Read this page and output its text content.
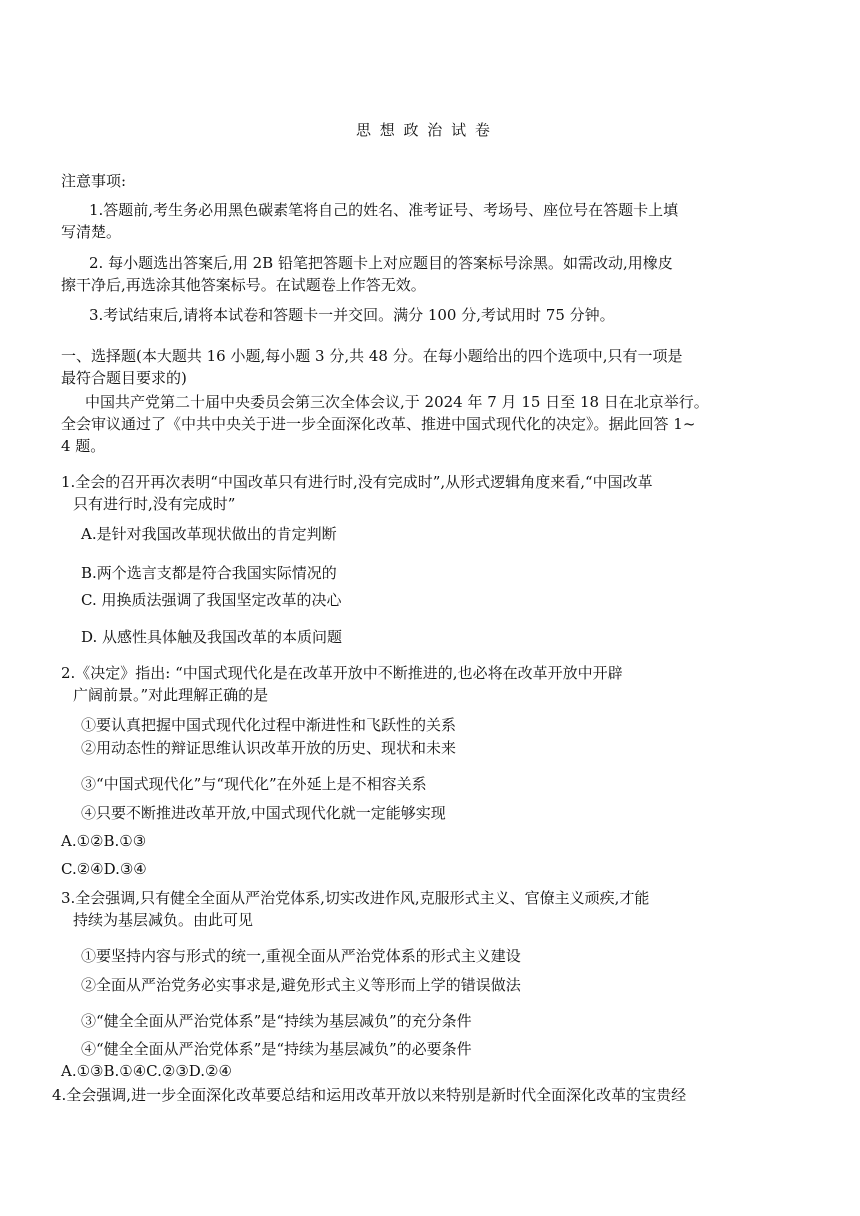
思 想 政 治 试 卷
注意事项:
1.答题前,考生务必用黑色碳素笔将自己的姓名、准考证号、考场号、座位号在答题卡上填
写清楚。
2. 每小题选出答案后,用 2B 铅笔把答题卡上对应题目的答案标号涂黑。如需改动,用橡皮
擦干净后,再选涂其他答案标号。在试题卷上作答无效。
3.考试结束后,请将本试卷和答题卡一并交回。满分 100 分,考试用时 75 分钟。
一、选择题(本大题共 16 小题,每小题 3 分,共 48 分。在每小题给出的四个选项中,只有一项是
最符合题目要求的)
中国共产党第二十届中央委员会第三次全体会议,于 2024 年 7 月 15 日至 18 日在北京举行。
全会审议通过了《中共中央关于进一步全面深化改革、推进中国式现代化的决定》。据此回答 1~
4 题。
1.全会的召开再次表明“中国改革只有进行时,没有完成时”,从形式逻辑角度来看,“中国改革
只有进行时,没有完成时”
A.是针对我国改革现状做出的肯定判断
B.两个选言支都是符合我国实际情况的
C. 用换质法强调了我国坚定改革的决心
D. 从感性具体触及我国改革的本质问题
2.《决定》指出: “中国式现代化是在改革开放中不断推进的,也必将在改革开放中开辟
广阔前景。”对此理解正确的是
①要认真把握中国式现代化过程中渐进性和飞跃性的关系
②用动态性的辩证思维认识改革开放的历史、现状和未来
③“中国式现代化”与“现代化”在外延上是不相容关系
④只要不断推进改革开放,中国式现代化就一定能够实现
A.①②B.①③
C.②④D.③④
3.全会强调,只有健全全面从严治党体系,切实改进作风,克服形式主义、官僚主义顽疾,才能
持续为基层减负。由此可见
①要坚持内容与形式的统一,重视全面从严治党体系的形式主义建设
②全面从严治党务必实事求是,避免形式主义等形而上学的错误做法
③“健全全面从严治党体系”是“持续为基层减负”的充分条件
④“健全全面从严治党体系”是“持续为基层减负”的必要条件
A.①③B.①④C.②③D.②④
4.全会强调,进一步全面深化改革要总结和运用改革开放以来特别是新时代全面深化改革的宝贵经
